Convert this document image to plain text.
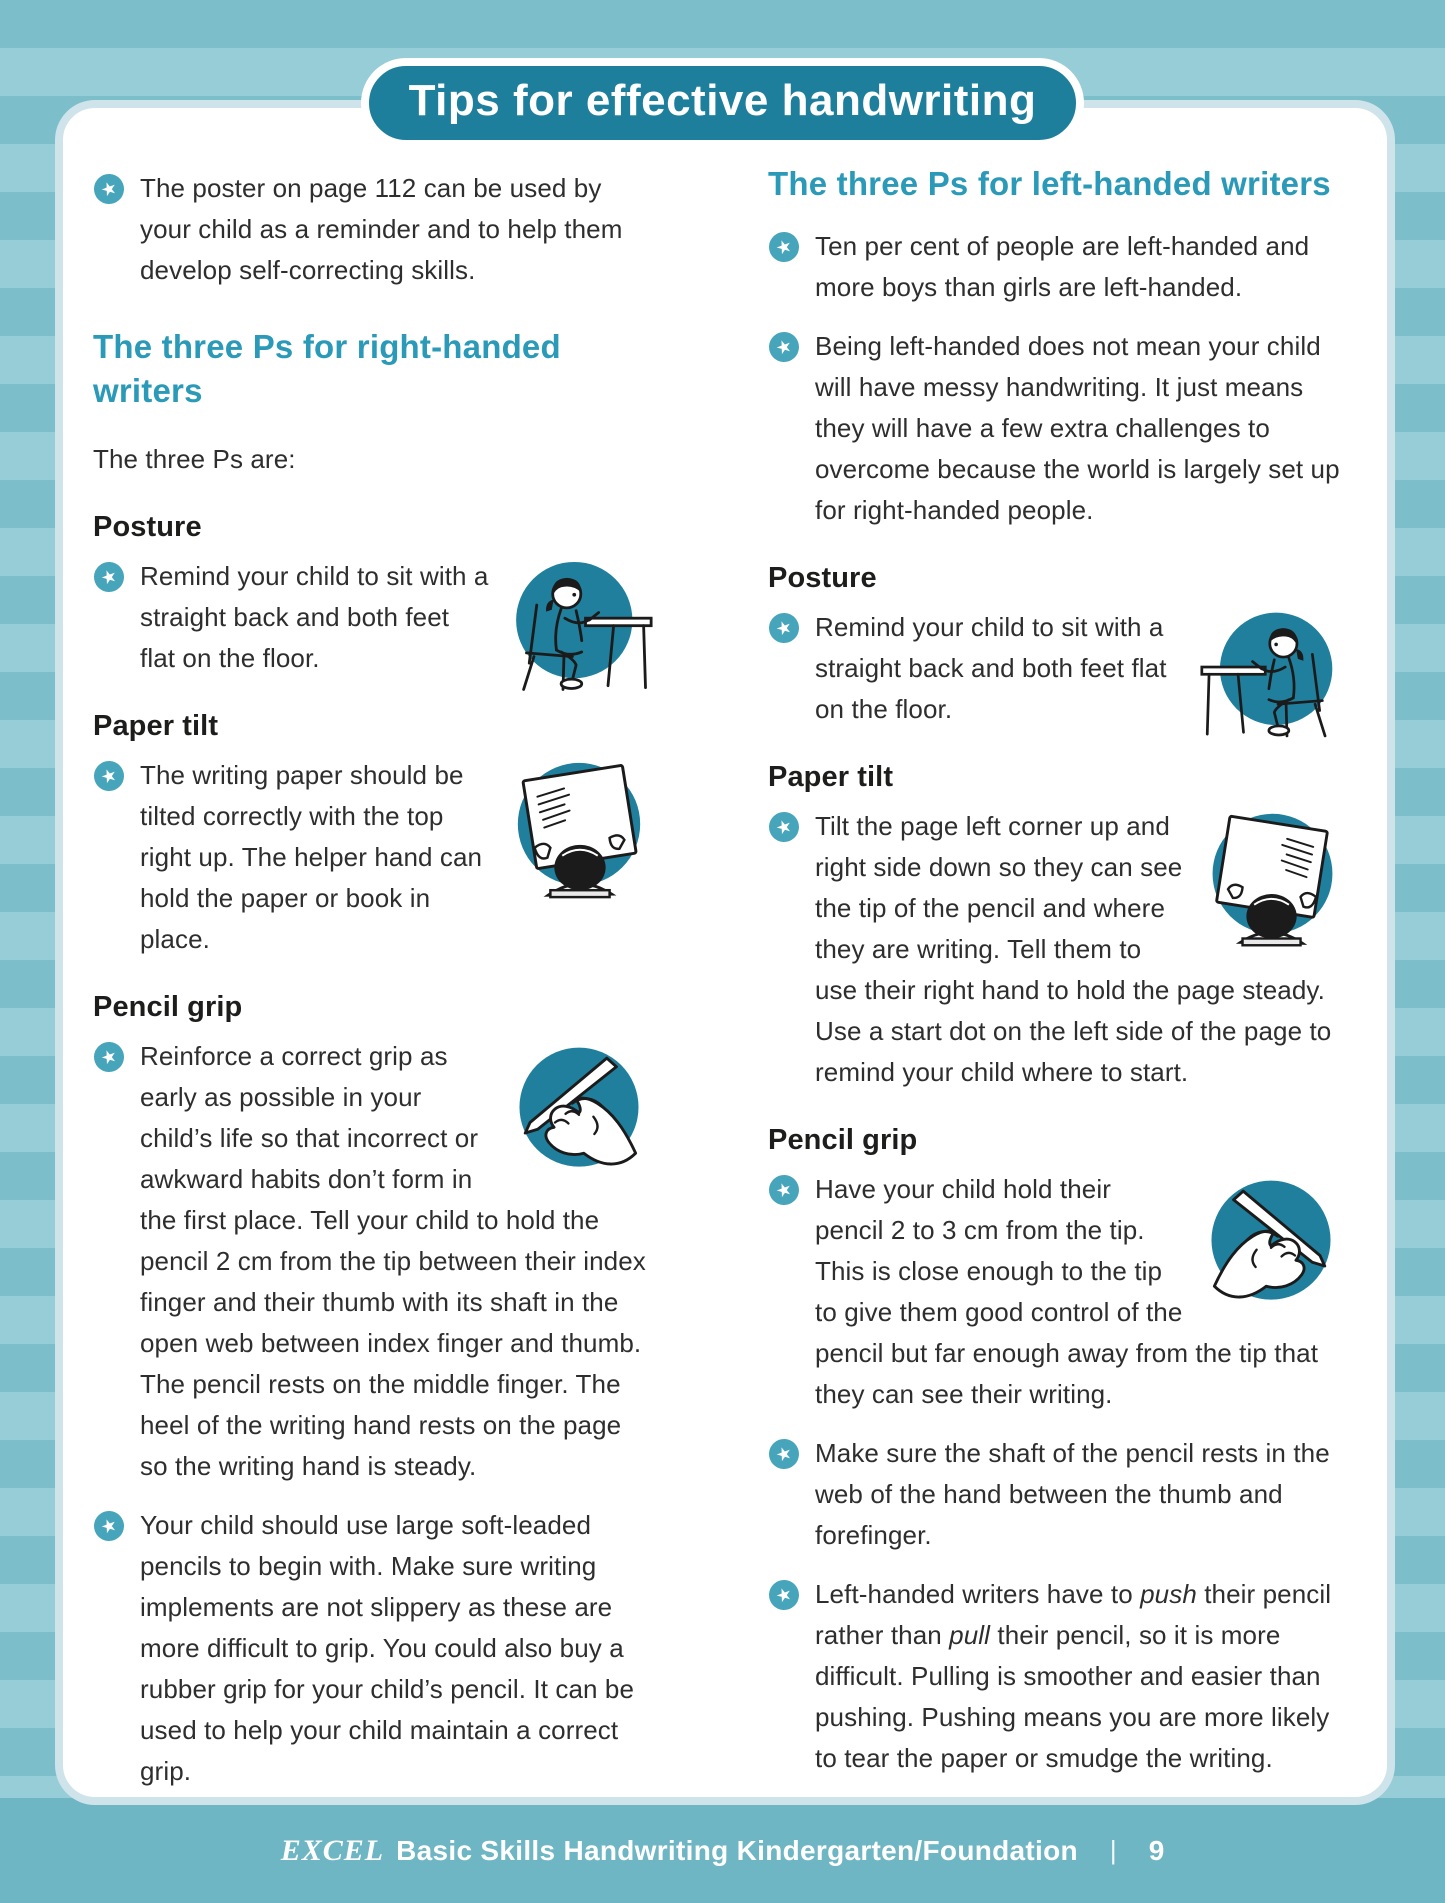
EXCEL Basic Skills Handwriting Kindergarten/Foundation | 9
★ The poster on page 112 can be used by your child as a reminder and to help them develop self-correcting skills.

The three Ps for right-handed writers

The three Ps are:

Posture
★ Remind your child to sit with a straight back and both feet flat on the floor.

Paper tilt
★ The writing paper should be tilted correctly with the top right up. The helper hand can hold the paper or book in place.

Pencil grip
★ Reinforce a correct grip as early as possible in your child’s life so that incorrect or awkward habits don’t form in the first place. Tell your child to hold the pencil 2 cm from the tip between their index finger and their thumb with its shaft in the open web between index finger and thumb. The pencil rests on the middle finger. The heel of the writing hand rests on the page so the writing hand is steady.

★ Your child should use large soft-leaded pencils to begin with. Make sure writing implements are not slippery as these are more difficult to grip. You could also buy a rubber grip for your child’s pencil. It can be used to help your child maintain a correct grip.

The three Ps for left-handed writers
★ Ten per cent of people are left-handed and more boys than girls are left-handed.

★ Being left-handed does not mean your child will have messy handwriting. It just means they will have a few extra challenges to overcome because the world is largely set up for right-handed people.

Posture
★ Remind your child to sit with a straight back and both feet flat on the floor.

Paper tilt
★ Tilt the page left corner up and right side down so they can see the tip of the pencil and where they are writing. Tell them to use their right hand to hold the page steady. Use a start dot on the left side of the page to remind your child where to start.

Pencil grip
★ Have your child hold their pencil 2 to 3 cm from the tip. This is close enough to the tip to give them good control of the pencil but far enough away from the tip that they can see their writing.

★ Make sure the shaft of the pencil rests in the web of the hand between the thumb and forefinger.

★ Left-handed writers have to push their pencil rather than pull their pencil, so it is more difficult. Pulling is smoother and easier than pushing. Pushing means you are more likely to tear the paper or smudge the writing.

Tips for effective handwriting
